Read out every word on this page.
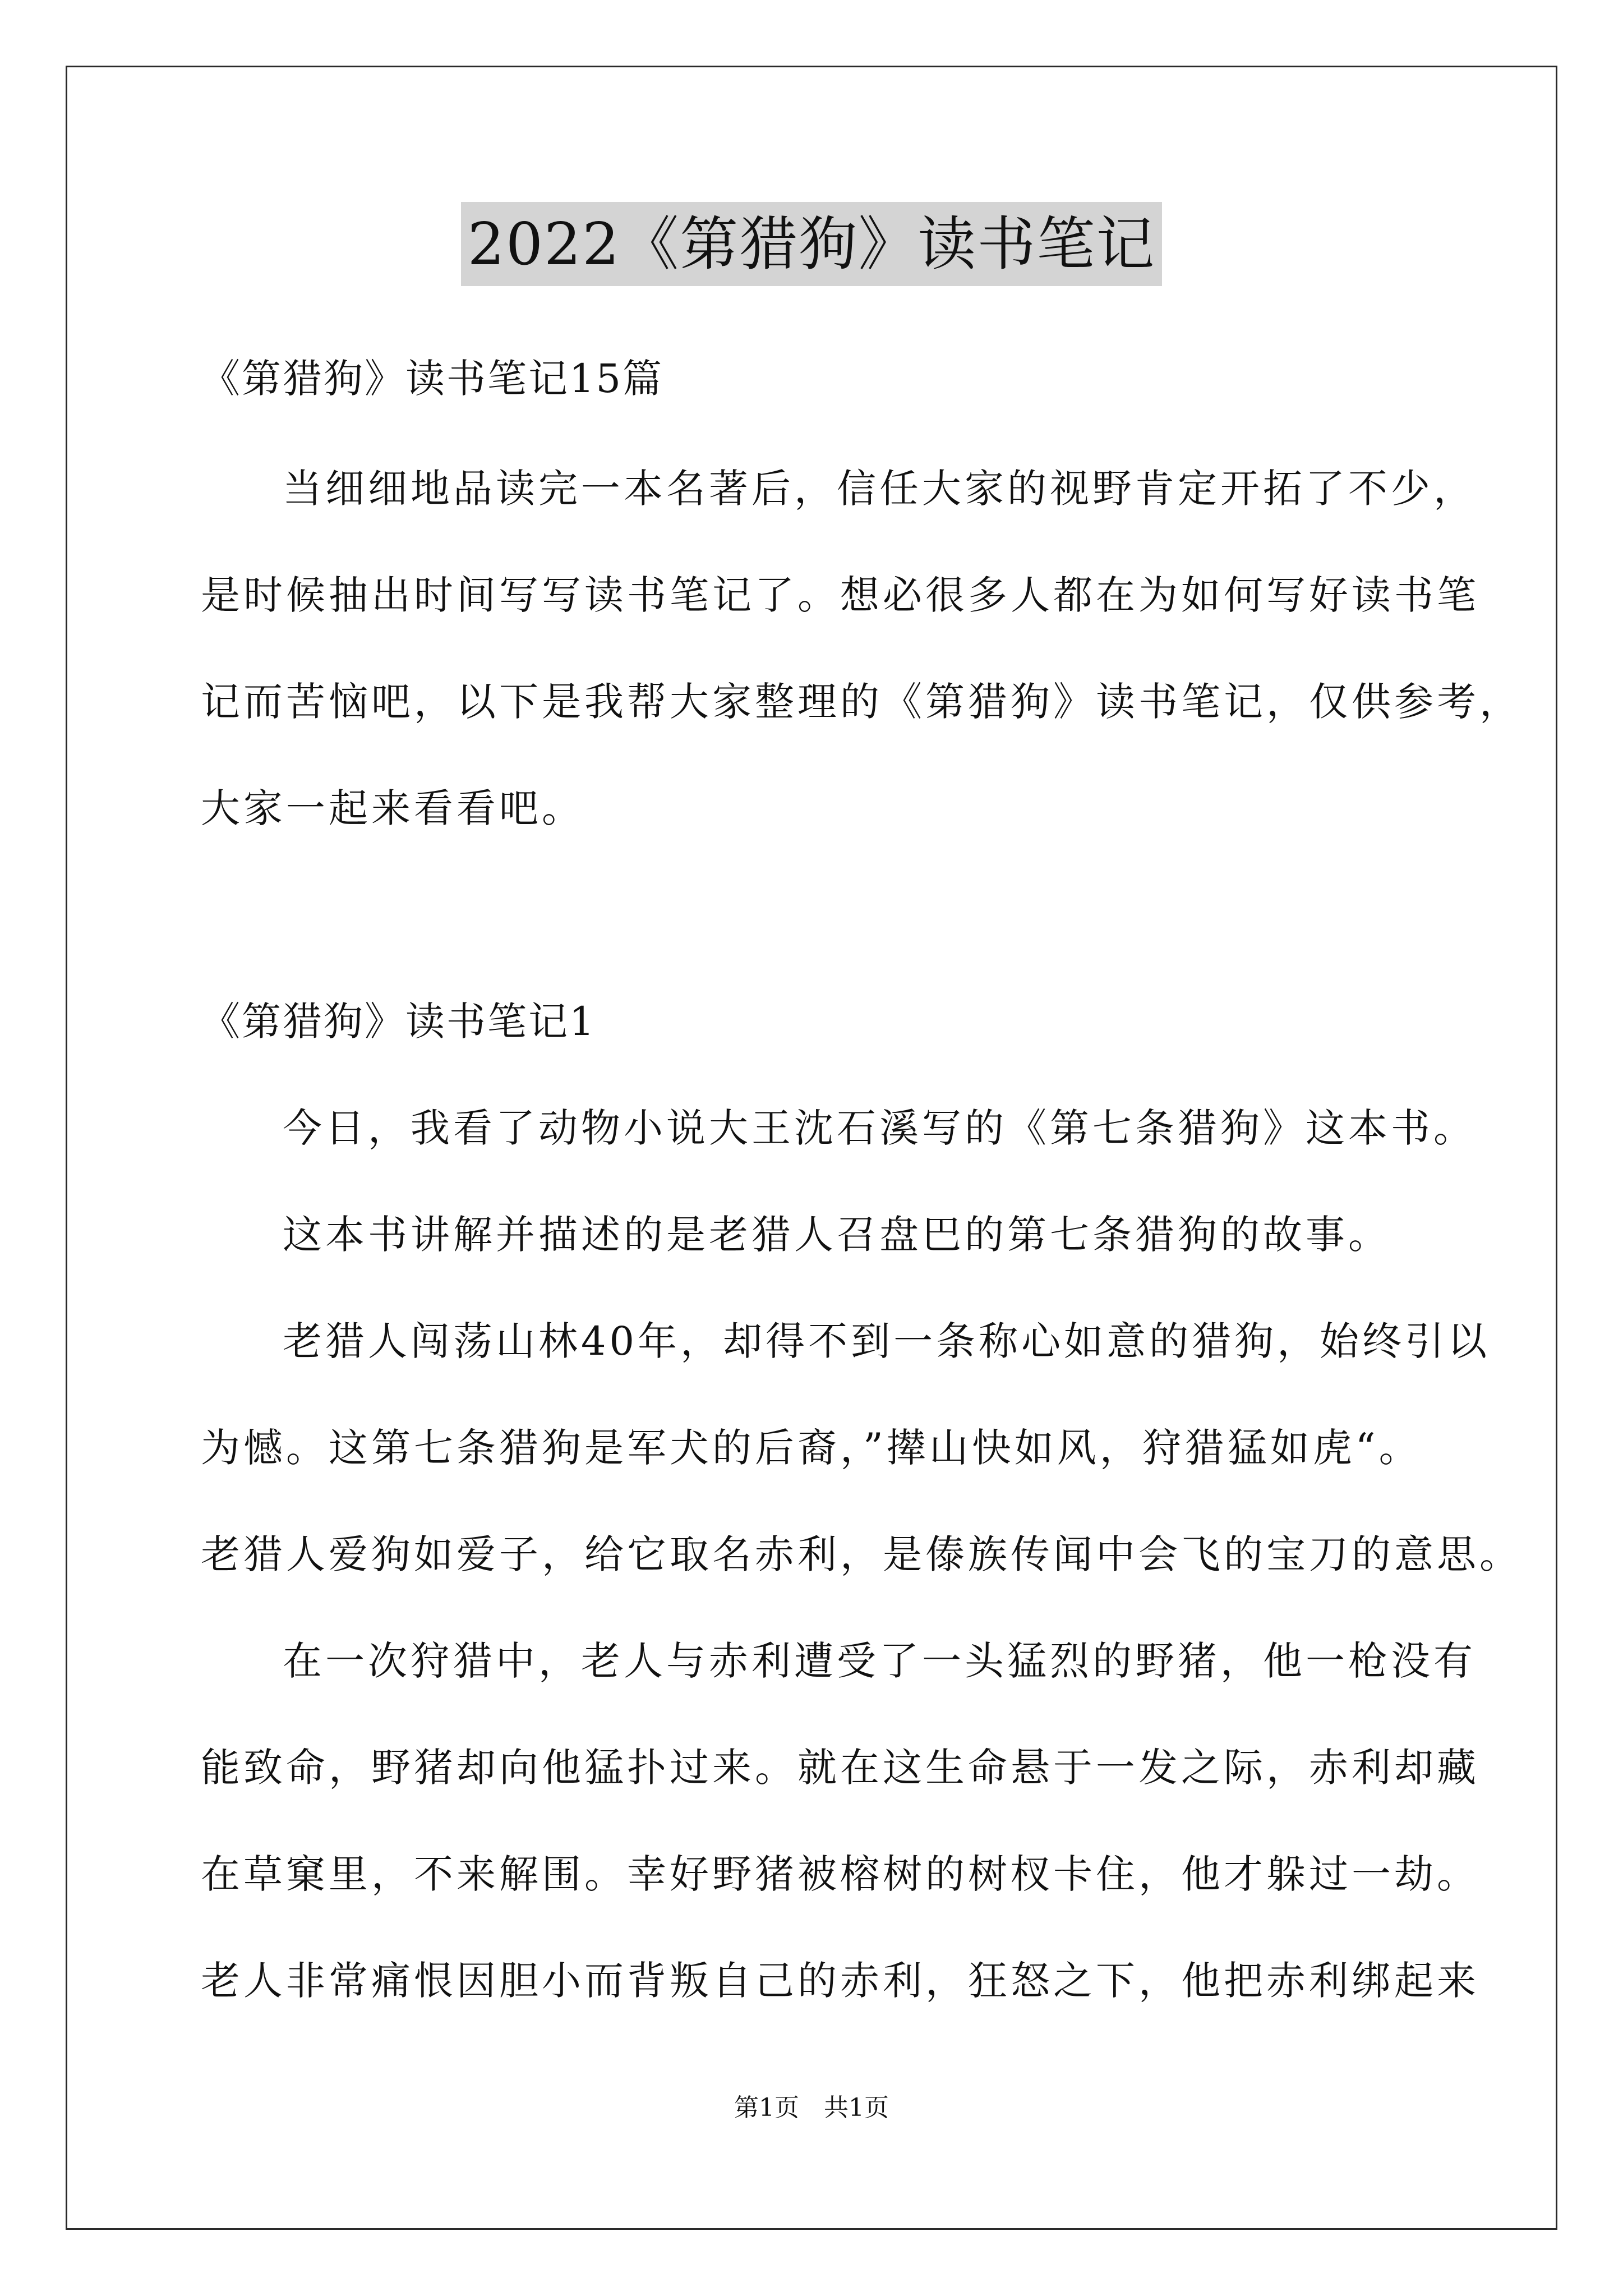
2022《第猎狗》读书笔记
《第猎狗》读书笔记15篇
当细细地品读完一本名著后，信任大家的视野肯定开拓了不少，
是时候抽出时间写写读书笔记了。想必很多人都在为如何写好读书笔
记而苦恼吧，以下是我帮大家整理的《第猎狗》读书笔记，仅供参考，
大家一起来看看吧。
《第猎狗》读书笔记1
今日，我看了动物小说大王沈石溪写的《第七条猎狗》这本书。
这本书讲解并描述的是老猎人召盘巴的第七条猎狗的故事。
老猎人闯荡山林40年，却得不到一条称心如意的猎狗，始终引以
为憾。这第七条猎狗是军犬的后裔，”撵山快如风，狩猎猛如虎“。
老猎人爱狗如爱子，给它取名赤利，是傣族传闻中会飞的宝刀的意思。
在一次狩猎中，老人与赤利遭受了一头猛烈的野猪，他一枪没有
能致命，野猪却向他猛扑过来。就在这生命悬于一发之际，赤利却藏
在草窠里，不来解围。幸好野猪被榕树的树杈卡住，他才躲过一劫。
老人非常痛恨因胆小而背叛自己的赤利，狂怒之下，他把赤利绑起来
第1页　共1页
